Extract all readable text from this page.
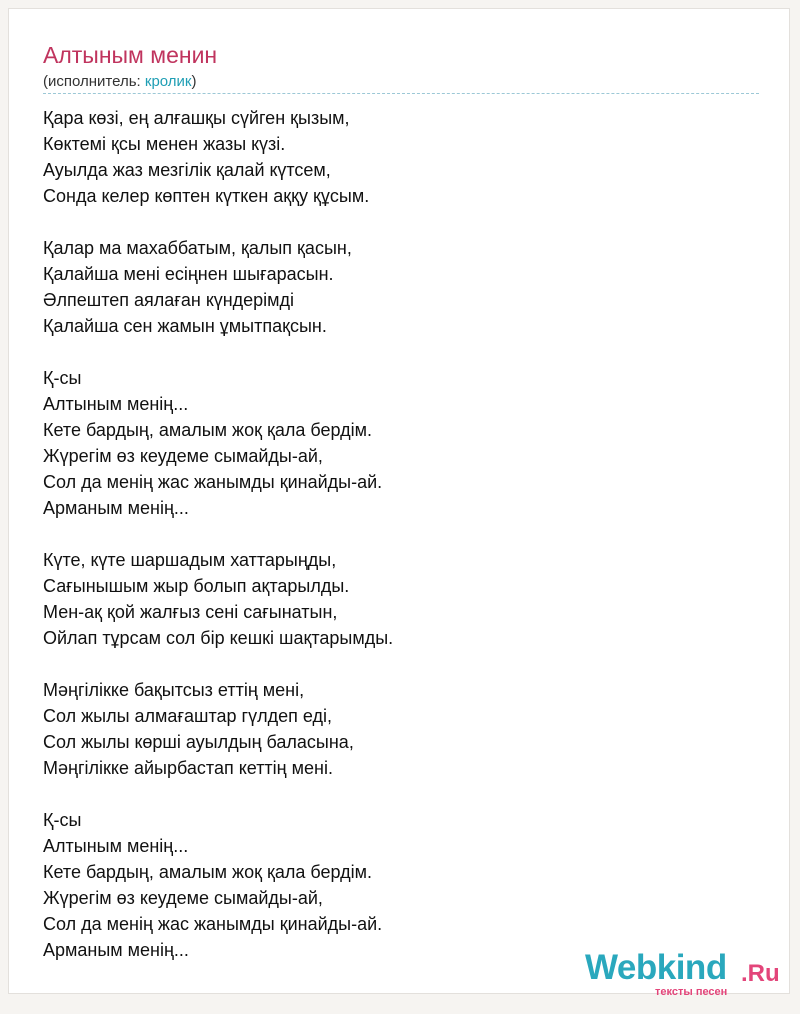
Алтыным менин
(исполнитель: кролик)
Қара көзі, ең алғашқы сүйген қызым,
Көктемі қсы менен жазы күзі.
Ауылда жаз мезгілік қалай күтсем,
Сонда келер көптен күткен аққу құсым.
Қалар ма махаббатым, қалып қасын,
Қалайша мені есіңнен шығарасын.
Әлпештеп аялаған күндерімді
Қалайша сен жамын ұмытпақсын.
Қ-сы
Алтыным менің...
Кете бардың, амалым жоқ қала бердім.
Жүрегім өз кеудеме сымайды-ай,
Сол да менің жас жанымды қинайды-ай.
Арманым менің...
Күте, күте шаршадым хаттарыңды,
Сағынышым жыр болып ақтарылды.
Мен-ақ қой жалғыз сені сағынатын,
Ойлап тұрсам сол бір кешкі шақтарымды.
Мәңгілікке бақытсыз еттің мені,
Сол жылы алмағаштар гүлдеп еді,
Сол жылы көрші ауылдың баласына,
Мәңгілікке айырбастап кеттің мені.
Қ-сы
Алтыным менің...
Кете бардың, амалым жоқ қала бердім.
Жүрегім өз кеудеме сымайды-ай,
Сол да менің жас жанымды қинайды-ай.
Арманым менің...	Webkind .Ru
тексты песен
